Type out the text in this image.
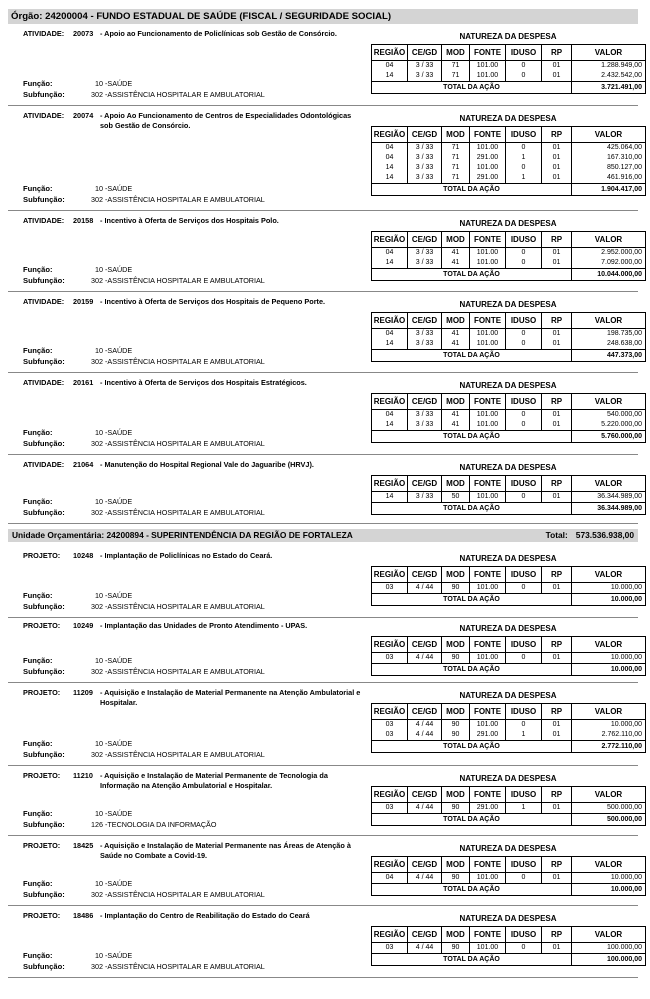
Órgão: 24200004 - FUNDO ESTADUAL DE SAÚDE (FISCAL / SEGURIDADE SOCIAL)
ATIVIDADE:	20073 - Apoio ao Funcionamento de Policlínicas sob Gestão de Consórcio.
Função:	10 -SAÚDE
Subfunção:	302 -ASSISTÊNCIA HOSPITALAR E AMBULATORIAL
NATUREZA DA DESPESA
REGIÃO	CE/GD	MOD	FONTE	IDUSO	RP	VALOR
04	3 / 33	71	101.00	0	01	1.288.949,00
14	3 / 33	71	101.00	0	01	2.432.542,00
TOTAL DA AÇÃO						3.721.491,00
ATIVIDADE:	20074 - Apoio Ao Funcionamento de Centros de Especialidades Odontológicas sob Gestão de Consórcio.
Função:	10 -SAÚDE
Subfunção:	302 -ASSISTÊNCIA HOSPITALAR E AMBULATORIAL
NATUREZA DA DESPESA
REGIÃO	CE/GD	MOD	FONTE	IDUSO	RP	VALOR
04	3 / 33	71	101.00	0	01	425.064,00
04	3 / 33	71	291.00	1	01	167.310,00
14	3 / 33	71	101.00	0	01	850.127,00
14	3 / 33	71	291.00	1	01	461.916,00
TOTAL DA AÇÃO						1.904.417,00
ATIVIDADE:	20158 - Incentivo à Oferta de Serviços dos Hospitais Polo.
Função:	10 -SAÚDE
Subfunção:	302 -ASSISTÊNCIA HOSPITALAR E AMBULATORIAL
NATUREZA DA DESPESA
REGIÃO	CE/GD	MOD	FONTE	IDUSO	RP	VALOR
04	3 / 33	41	101.00	0	01	2.952.000,00
14	3 / 33	41	101.00	0	01	7.092.000,00
TOTAL DA AÇÃO						10.044.000,00
ATIVIDADE:	20159 - Incentivo à Oferta de Serviços dos Hospitais de Pequeno Porte.
Função:	10 -SAÚDE
Subfunção:	302 -ASSISTÊNCIA HOSPITALAR E AMBULATORIAL
NATUREZA DA DESPESA
REGIÃO	CE/GD	MOD	FONTE	IDUSO	RP	VALOR
04	3 / 33	41	101.00	0	01	198.735,00
14	3 / 33	41	101.00	0	01	248.638,00
TOTAL DA AÇÃO						447.373,00
ATIVIDADE:	20161 - Incentivo à Oferta de Serviços dos Hospitais Estratégicos.
Função:	10 -SAÚDE
Subfunção:	302 -ASSISTÊNCIA HOSPITALAR E AMBULATORIAL
NATUREZA DA DESPESA
REGIÃO	CE/GD	MOD	FONTE	IDUSO	RP	VALOR
04	3 / 33	41	101.00	0	01	540.000,00
14	3 / 33	41	101.00	0	01	5.220.000,00
TOTAL DA AÇÃO						5.760.000,00
ATIVIDADE:	21064 - Manutenção do Hospital Regional Vale do Jaguaribe (HRVJ).
Função:	10 -SAÚDE
Subfunção:	302 -ASSISTÊNCIA HOSPITALAR E AMBULATORIAL
NATUREZA DA DESPESA
REGIÃO	CE/GD	MOD	FONTE	IDUSO	RP	VALOR
14	3 / 33	50	101.00	0	01	36.344.989,00
TOTAL DA AÇÃO						36.344.989,00
PROJETO:	10248 - Implantação de Policlínicas no Estado do Ceará.
Função:	10 -SAÚDE
Subfunção:	302 -ASSISTÊNCIA HOSPITALAR E AMBULATORIAL
NATUREZA DA DESPESA
REGIÃO	CE/GD	MOD	FONTE	IDUSO	RP	VALOR
03	4 / 44	90	101.00	0	01	10.000,00
TOTAL DA AÇÃO						10.000,00
PROJETO:	10249 - Implantação das Unidades de Pronto Atendimento - UPAS.
Função:	10 -SAÚDE
Subfunção:	302 -ASSISTÊNCIA HOSPITALAR E AMBULATORIAL
NATUREZA DA DESPESA
REGIÃO	CE/GD	MOD	FONTE	IDUSO	RP	VALOR
03	4 / 44	90	101.00	0	01	10.000,00
TOTAL DA AÇÃO						10.000,00
PROJETO:	11209 - Aquisição e Instalação de Material Permanente na Atenção Ambulatorial e Hospitalar.
Função:	10 -SAÚDE
Subfunção:	302 -ASSISTÊNCIA HOSPITALAR E AMBULATORIAL
NATUREZA DA DESPESA
REGIÃO	CE/GD	MOD	FONTE	IDUSO	RP	VALOR
03	4 / 44	90	101.00	0	01	10.000,00
03	4 / 44	90	291.00	1	01	2.762.110,00
TOTAL DA AÇÃO						2.772.110,00
PROJETO:	11210 - Aquisição e Instalação de Material Permanente de Tecnologia da Informação na Atenção Ambulatorial e Hospitalar.
Função:	10 -SAÚDE
Subfunção:	126 -TECNOLOGIA DA INFORMAÇÃO
NATUREZA DA DESPESA
REGIÃO	CE/GD	MOD	FONTE	IDUSO	RP	VALOR
03	4 / 44	90	291.00	1	01	500.000,00
TOTAL DA AÇÃO						500.000,00
PROJETO:	18425 - Aquisição e Instalação de Material Permanente nas Áreas de Atenção à Saúde no Combate a Covid-19.
Função:	10 -SAÚDE
Subfunção:	302 -ASSISTÊNCIA HOSPITALAR E AMBULATORIAL
NATUREZA DA DESPESA
REGIÃO	CE/GD	MOD	FONTE	IDUSO	RP	VALOR
04	4 / 44	90	101.00	0	01	10.000,00
TOTAL DA AÇÃO						10.000,00
PROJETO:	18486 - Implantação do Centro de Reabilitação do Estado do Ceará
Função:	10 -SAÚDE
Subfunção:	302 -ASSISTÊNCIA HOSPITALAR E AMBULATORIAL
NATUREZA DA DESPESA
REGIÃO	CE/GD	MOD	FONTE	IDUSO	RP	VALOR
03	4 / 44	90	101.00	0	01	100.000,00
TOTAL DA AÇÃO						100.000,00
Unidade Orçamentária: 24200894 - SUPERINTENDÊNCIA DA REGIÃO DE FORTALEZA	Total: 573.536.938,00
